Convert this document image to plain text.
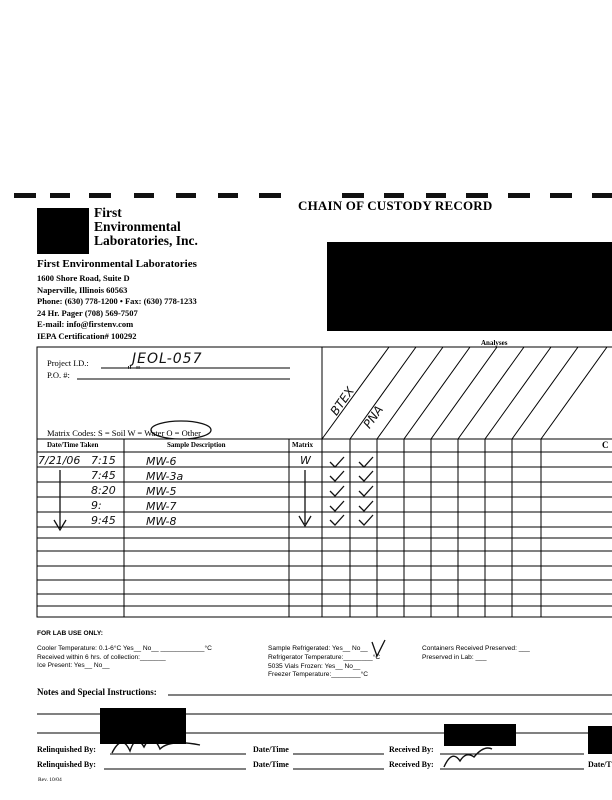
First
Environmental
Laboratories, Inc.
CHAIN OF CUSTODY RECORD
First Environmental Laboratories
1600 Shore Road, Suite D
Naperville, Illinois 60563
Phone: (630) 778-1200 • Fax: (630) 778-1233
24 Hr. Pager (708) 569-7507
E-mail: info@firstenv.com
IEPA Certification# 100292
Analyses
Project I.D.:	JEOL-057
P.O. #:	" "
BTEX PNA
Matrix Codes: S = Soil W = Water O = Other
Date/Time Taken	Sample Description	Matrix	C
7/21/06 7:15	MW-6	W
7:45	MW-3a
8:20	MW-5
9:	MW-7
9:45	MW-8
FOR LAB USE ONLY:
Cooler Temperature: 0.1-6°C Yes__ No__ ____________°C
Received within 6 hrs. of collection:_______
Ice Present: Yes__ No__
Sample Refrigerated: Yes__ No__
Refrigerator Temperature:________°C
5035 Vials Frozen: Yes__ No__
Freezer Temperature:________°C
Containers Received Preserved: ___
Preserved in Lab: ___
Notes and Special Instructions:
Relinquished By:	Date/Time	Received By:
Relinquished By:	Date/Time	Received By:	Date/T
Rev. 10/04
